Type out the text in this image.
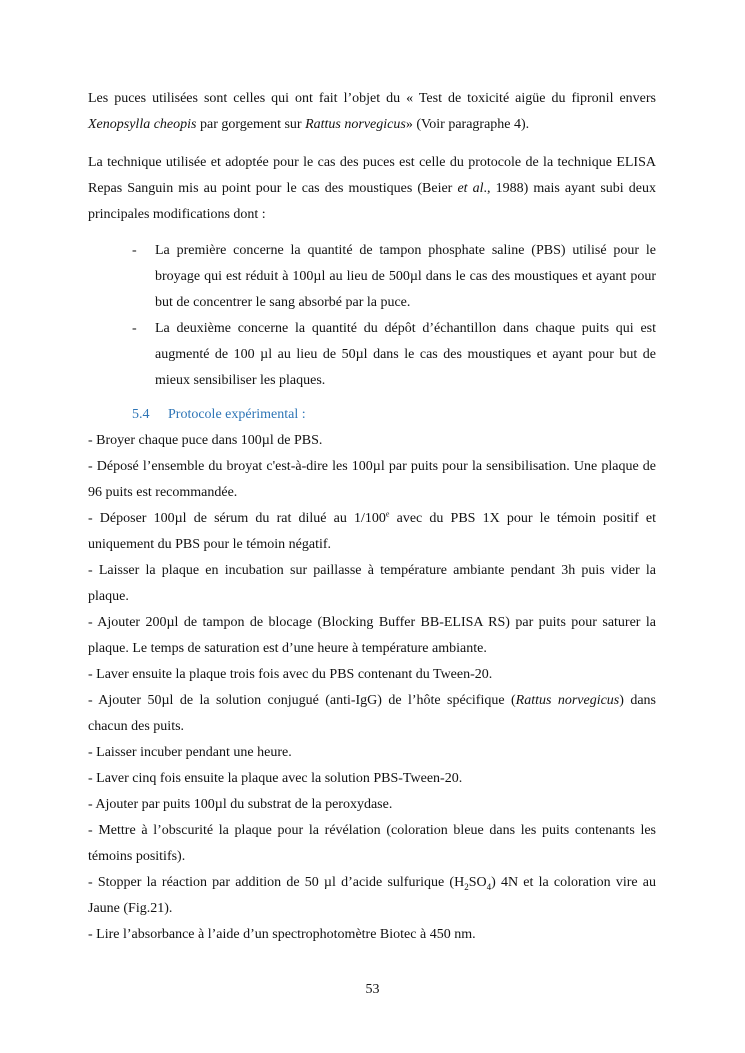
Les puces utilisées sont celles qui ont fait l’objet du « Test de toxicité aigüe du fipronil envers Xenopsylla cheopis par gorgement sur Rattus norvegicus» (Voir paragraphe 4).

La technique utilisée et adoptée pour le cas des puces est celle du protocole de la technique ELISA Repas Sanguin mis au point pour le cas des moustiques (Beier et al., 1988) mais ayant subi deux principales modifications dont :

- La première concerne la quantité de tampon phosphate saline (PBS) utilisé pour le broyage qui est réduit à 100µl au lieu de 500µl dans le cas des moustiques et ayant pour but de concentrer le sang absorbé par la puce.
- La deuxième concerne la quantité du dépôt d’échantillon dans chaque puits qui est augmenté de 100 µl au lieu de 50µl dans le cas des moustiques et ayant pour but de mieux sensibiliser les plaques.
5.4 Protocole expérimental :

- Broyer chaque puce dans 100µl de PBS.

- Déposé l’ensemble du broyat c'est-à-dire les 100µl par puits pour la sensibilisation. Une plaque de 96 puits est recommandée.

- Déposer 100µl de sérum du rat dilué au 1/100e avec du PBS 1X pour le témoin positif et uniquement du PBS pour le témoin négatif.

- Laisser la plaque en incubation sur paillasse à température ambiante pendant 3h puis vider la plaque.

- Ajouter 200µl de tampon de blocage (Blocking Buffer BB-ELISA RS) par puits pour saturer la plaque. Le temps de saturation est d’une heure à température ambiante.

- Laver ensuite la plaque trois fois avec du PBS contenant du Tween-20.

- Ajouter 50µl de la solution conjugué (anti-IgG) de l’hôte spécifique (Rattus norvegicus) dans chacun des puits.

- Laisser incuber pendant une heure.

- Laver cinq fois ensuite la plaque avec la solution PBS-Tween-20.

- Ajouter par puits 100µl du substrat de la peroxydase.

- Mettre à l’obscurité la plaque pour la révélation (coloration bleue dans les puits contenants les témoins positifs).

- Stopper la réaction par addition de 50 µl d’acide sulfurique $(H_2SO_4)$ 4N et la coloration vire au Jaune (Fig.21).

- Lire l’absorbance à l’aide d’un spectrophotomètre Biotec à 450 nm.

53
